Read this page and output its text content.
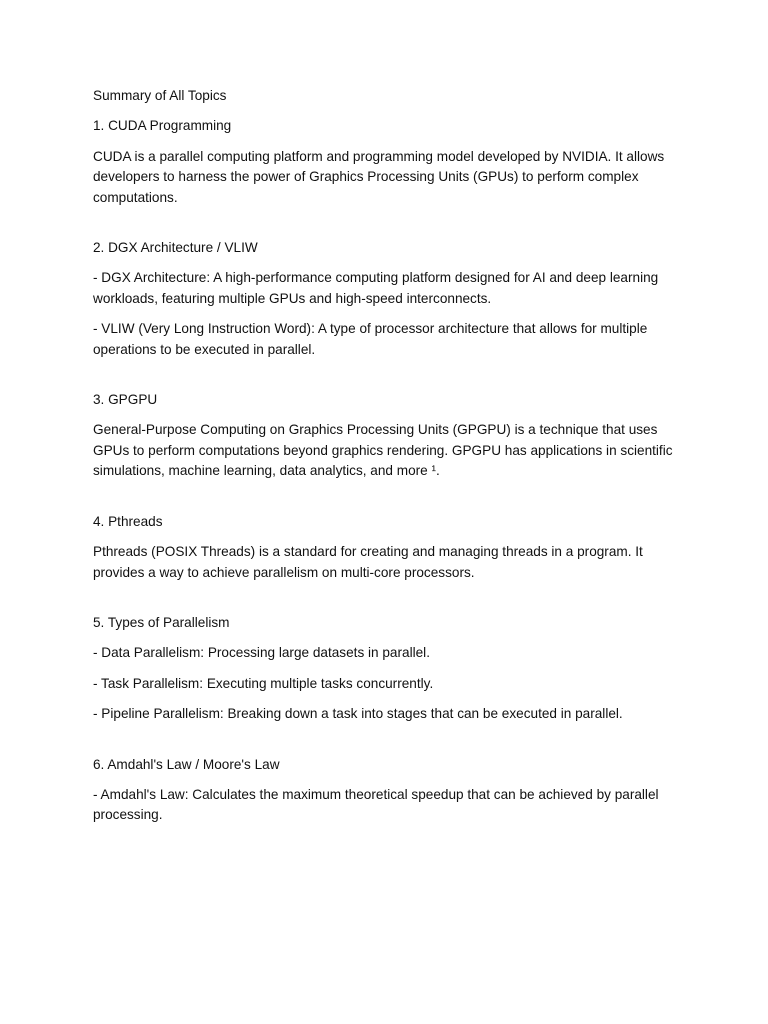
Summary of All Topics

1. CUDA Programming

CUDA is a parallel computing platform and programming model developed by NVIDIA. It allows developers to harness the power of Graphics Processing Units (GPUs) to perform complex computations.

2. DGX Architecture / VLIW

- DGX Architecture: A high-performance computing platform designed for AI and deep learning workloads, featuring multiple GPUs and high-speed interconnects.

- VLIW (Very Long Instruction Word): A type of processor architecture that allows for multiple operations to be executed in parallel.

3. GPGPU

General-Purpose Computing on Graphics Processing Units (GPGPU) is a technique that uses GPUs to perform computations beyond graphics rendering. GPGPU has applications in scientific simulations, machine learning, data analytics, and more ¹.

4. Pthreads

Pthreads (POSIX Threads) is a standard for creating and managing threads in a program. It provides a way to achieve parallelism on multi-core processors.

5. Types of Parallelism

- Data Parallelism: Processing large datasets in parallel.

- Task Parallelism: Executing multiple tasks concurrently.

- Pipeline Parallelism: Breaking down a task into stages that can be executed in parallel.

6. Amdahl's Law / Moore's Law

- Amdahl's Law: Calculates the maximum theoretical speedup that can be achieved by parallel processing.
